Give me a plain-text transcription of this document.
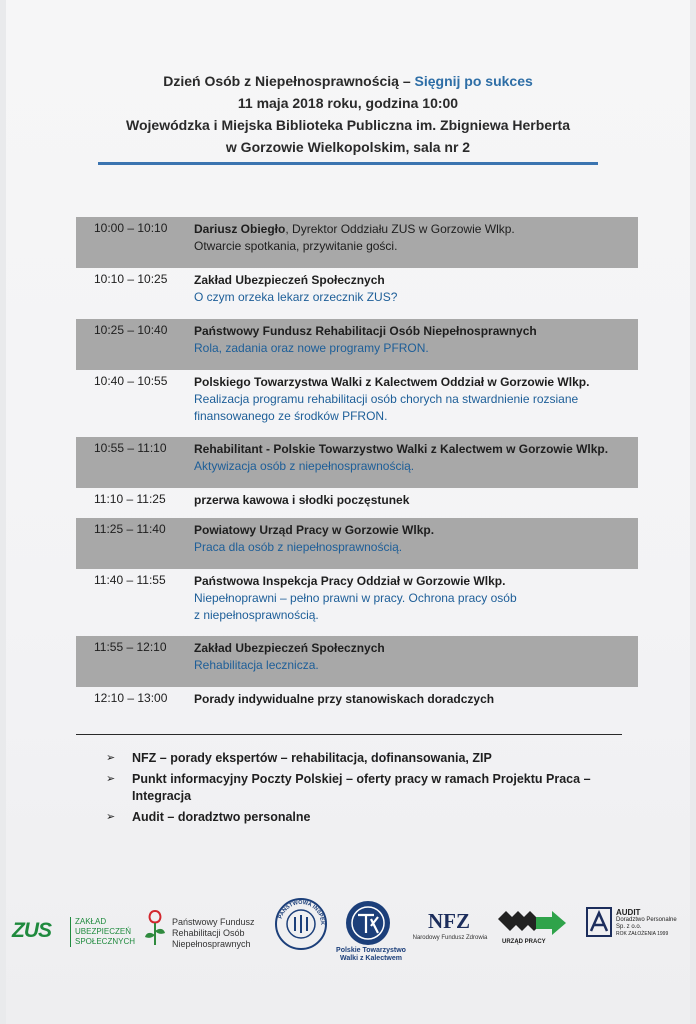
Dzień Osób z Niepełnosprawnością – Sięgnij po sukces
11 maja 2018 roku, godzina 10:00
Wojewódzka i Miejska Biblioteka Publiczna im. Zbigniewa Herberta
w Gorzowie Wielkopolskim, sala nr 2
10:00 – 10:10 Dariusz Obiegło, Dyrektor Oddziału ZUS w Gorzowie Wlkp.
Otwarcie spotkania, przywitanie gości.
10:10 – 10:25 Zakład Ubezpieczeń Społecznych
O czym orzeka lekarz orzecznik ZUS?
10:25 – 10:40 Państwowy Fundusz Rehabilitacji Osób Niepełnosprawnych
Rola, zadania oraz nowe programy PFRON.
10:40 – 10:55 Polskiego Towarzystwa Walki z Kalectwem Oddział w Gorzowie Wlkp.
Realizacja programu rehabilitacji osób chorych na stwardnienie rozsiane
finansowanego ze środków PFRON.
10:55 – 11:10 Rehabilitant - Polskie Towarzystwo Walki z Kalectwem w Gorzowie Wlkp.
Aktywizacja osób z niepełnosprawnością.
11:10 – 11:25 przerwa kawowa i słodki poczęstunek
11:25 – 11:40 Powiatowy Urząd Pracy w Gorzowie Wlkp.
Praca dla osób z niepełnosprawnością.
11:40 – 11:55 Państwowa Inspekcja Pracy Oddział w Gorzowie Wlkp.
Niepełnoprawni – pełno prawni w pracy. Ochrona pracy osób
z niepełnosprawnością.
11:55 – 12:10 Zakład Ubezpieczeń Społecznych
Rehabilitacja lecznicza.
12:10 – 13:00 Porady indywidualne przy stanowiskach doradczych
➢ NFZ – porady ekspertów – rehabilitacja, dofinansowania, ZIP
➢ Punkt informacyjny Poczty Polskiej – oferty pracy w ramach Projektu Praca – Integracja
➢ Audit – doradztwo personalne
ZUS	ZAKŁAD UBEZPIECZEŃ SPOŁECZNYCH
Państwowy Fundusz Rehabilitacji Osób Niepełnosprawnych
PAŃSTWOWA INSPEK
Polskie Towarzystwo Walki z Kalectwem
NFZ
Narodowy Fundusz Zdrowia
URZĄD PRACY
AUDIT
Doradztwo Personalne Sp. z o.o.
ROK ZAŁOŻENIA 1999
